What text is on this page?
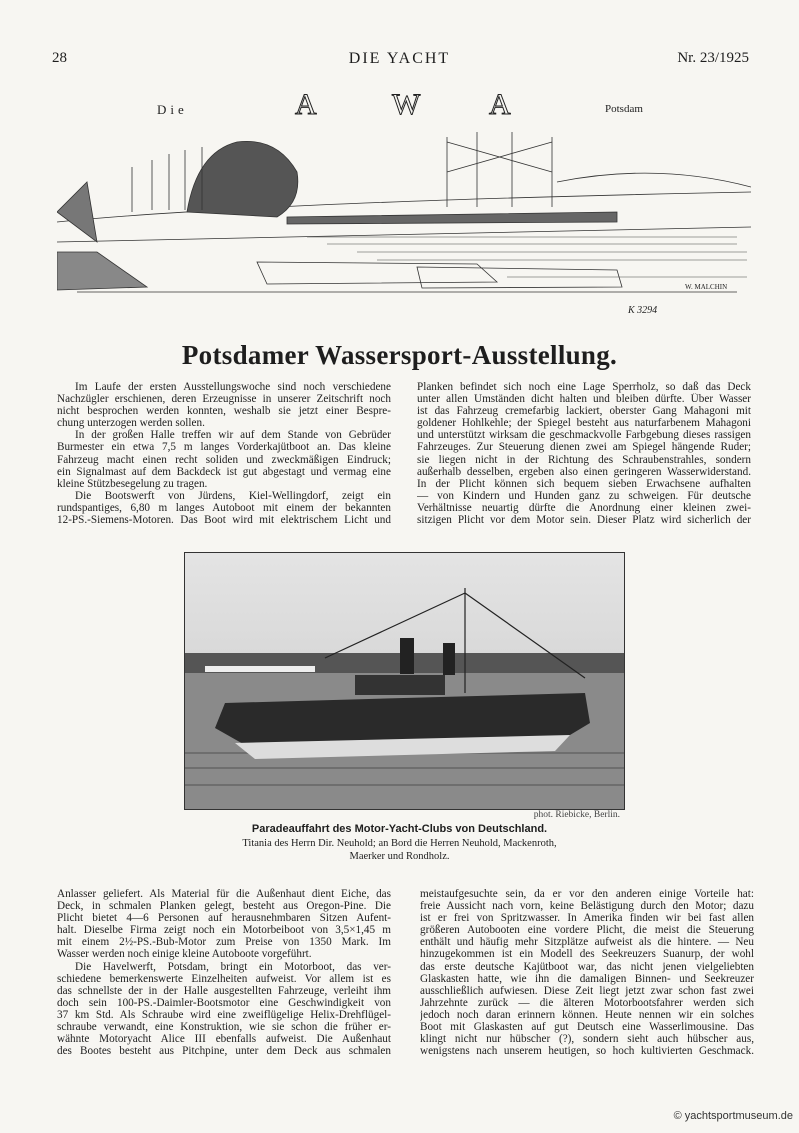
28	DIE YACHT	Nr. 23/1925
Die	A W A	Potsdam
W. MALCHIN
K 3294
Potsdamer Wassersport-Ausstellung.
Im Laufe der ersten Ausstellungswoche sind noch verschiedene
Nachzügler erschienen, deren Erzeugnisse in unserer Zeitschrift noch
nicht besprochen werden konnten, weshalb sie jetzt einer Bespre-
chung unterzogen werden sollen.
In der großen Halle treffen wir auf dem Stande von Gebrüder
Burmester ein etwa 7,5 m langes Vorderkajütboot an. Das kleine
Fahrzeug macht einen recht soliden und zweckmäßigen Eindruck;
ein Signalmast auf dem Backdeck ist gut abgestagt und vermag eine
kleine Stützbesegelung zu tragen.
Die Bootswerft von Jürdens, Kiel-Wellingdorf, zeigt ein
rundspantiges, 6,80 m langes Autoboot mit einem der bekannten
12-PS.-Siemens-Motoren. Das Boot wird mit elektrischem Licht und
Planken befindet sich noch eine Lage Sperrholz, so daß das Deck
unter allen Umständen dicht halten und bleiben dürfte. Über Wasser
ist das Fahrzeug cremefarbig lackiert, oberster Gang Mahagoni mit
goldener Hohlkehle; der Spiegel besteht aus naturfarbenem Mahagoni
und unterstützt wirksam die geschmackvolle Farbgebung dieses rassigen
Fahrzeuges. Zur Steuerung dienen zwei am Spiegel hängende Ruder;
sie liegen nicht in der Richtung des Schraubenstrahles, sondern
außerhalb desselben, ergeben also einen geringeren Wasserwiderstand.
In der Plicht können sich bequem sieben Erwachsene aufhalten
— von Kindern und Hunden ganz zu schweigen. Für deutsche
Verhältnisse neuartig dürfte die Anordnung einer kleinen zwei-
sitzigen Plicht vor dem Motor sein. Dieser Platz wird sicherlich der
phot. Riebicke, Berlin.
Paradeauffahrt des Motor-Yacht-Clubs von Deutschland.
Titania des Herrn Dir. Neuhold; an Bord die Herren Neuhold, Mackenroth,
Maerker und Rondholz.
Anlasser geliefert. Als Material für die Außenhaut dient Eiche, das
Deck, in schmalen Planken gelegt, besteht aus Oregon-Pine. Die
Plicht bietet 4—6 Personen auf herausnehmbaren Sitzen Aufent-
halt. Dieselbe Firma zeigt noch ein Motorbeiboot von 3,5×1,45 m
mit einem 2½-PS.-Bub-Motor zum Preise von 1350 Mark. Im
Wasser werden noch einige kleine Autoboote vorgeführt.
Die Havelwerft, Potsdam, bringt ein Motorboot, das ver-
schiedene bemerkenswerte Einzelheiten aufweist. Vor allem ist es
das schnellste der in der Halle ausgestellten Fahrzeuge, verleiht ihm
doch sein 100-PS.-Daimler-Bootsmotor eine Geschwindigkeit von
37 km Std. Als Schraube wird eine zweiflügelige Helix-Drehflügel-
schraube verwandt, eine Konstruktion, wie sie schon die früher er-
wähnte Motoryacht Alice III ebenfalls aufweist. Die Außenhaut
des Bootes besteht aus Pitchpine, unter dem Deck aus schmalen
meistaufgesuchte sein, da er vor den anderen einige Vorteile hat:
freie Aussicht nach vorn, keine Belästigung durch den Motor; dazu
ist er frei von Spritzwasser. In Amerika finden wir bei fast allen
größeren Autobooten eine vordere Plicht, die meist die Steuerung
enthält und häufig mehr Sitzplätze aufweist als die hintere. — Neu
hinzugekommen ist ein Modell des Seekreuzers Suanurp, der wohl
das erste deutsche Kajütboot war, das nicht jenen vielgeliebten
Glaskasten hatte, wie ihn die damaligen Binnen- und Seekreuzer
ausschließlich aufwiesen. Diese Zeit liegt jetzt zwar schon fast zwei
Jahrzehnte zurück — die älteren Motorbootsfahrer werden sich
jedoch noch daran erinnern können. Heute nennen wir ein solches
Boot mit Glaskasten auf gut Deutsch eine Wasserlimousine. Das
klingt nicht nur hübscher (?), sondern sieht auch hübscher aus,
wenigstens nach unserem heutigen, so hoch kultivierten Geschmack.
© yachtsportmuseum.de
